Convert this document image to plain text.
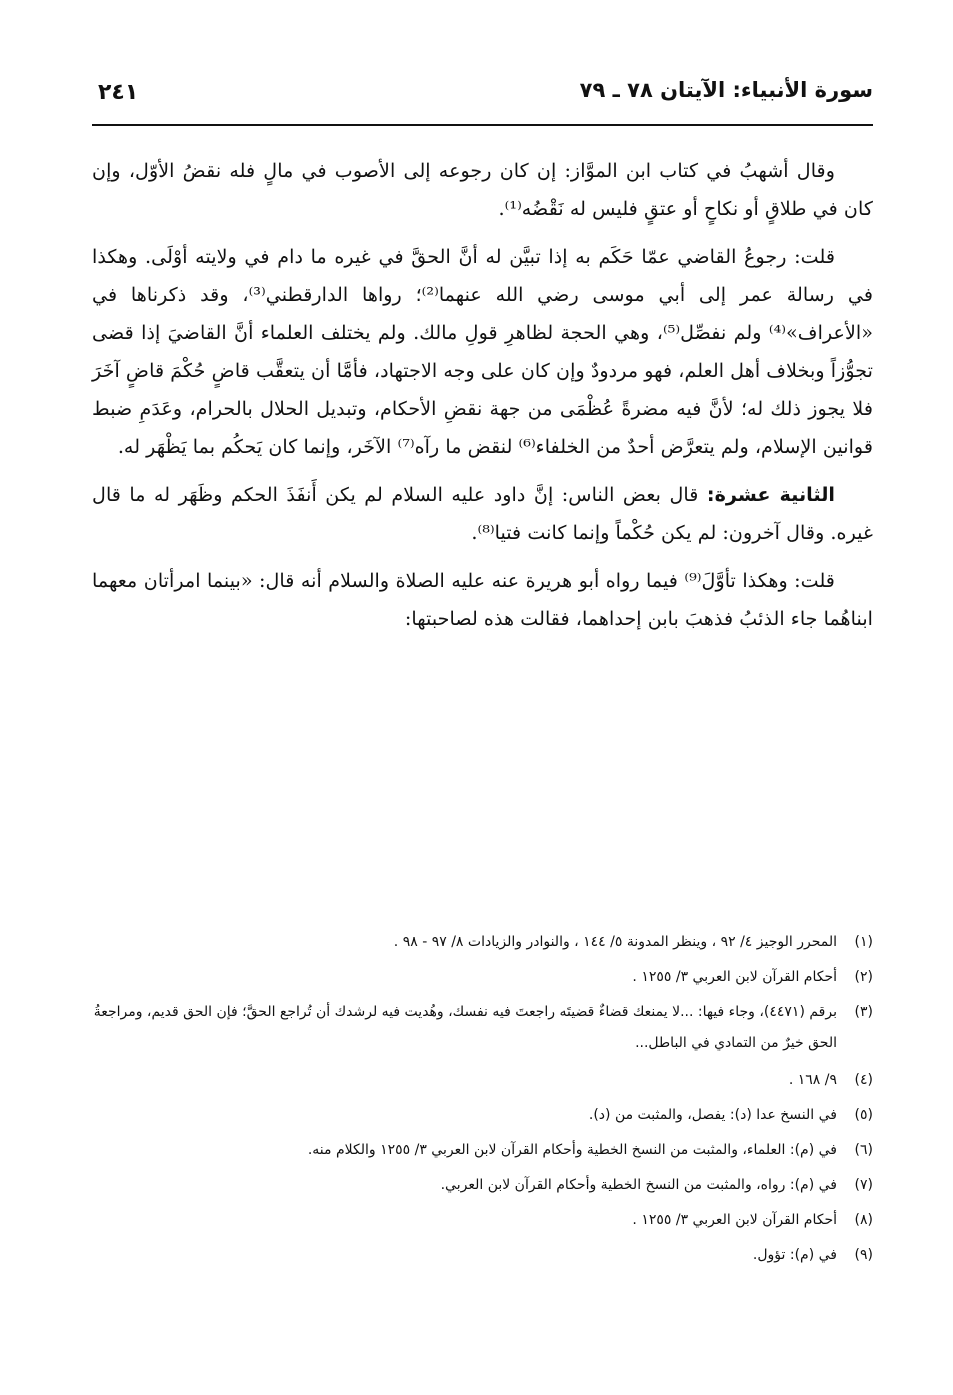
سورة الأنبياء: الآيتان ٧٨ ـ ٧٩
٢٤١

وقال أشهبُ في كتاب ابن الموَّاز: إن كان رجوعه إلى الأصوب في مالٍ فله نقضُ الأوّل، وإن كان في طلاقٍ أو نكاحٍ أو عتقٍ فليس له نَقْضُه⁽¹⁾.

قلت: رجوعُ القاضي عمّا حَكَم به إذا تبيَّن له أنَّ الحقَّ في غيره ما دام في ولايته أوْلَى. وهكذا في رسالة عمر إلى أبي موسى رضي الله عنهما⁽²⁾؛ رواها الدارقطني⁽³⁾، وقد ذكرناها في «الأعراف»⁽⁴⁾ ولم نفصِّل⁽⁵⁾، وهي الحجة لظاهرِ قولِ مالك. ولم يختلف العلماء أنَّ القاضيَ إذا قضى تجوُّزاً وبخلاف أهل العلم، فهو مردودٌ وإن كان على وجه الاجتهاد، فأمَّا أن يتعقَّب قاضٍ حُكْمَ قاضٍ آخَرَ فلا يجوز ذلك له؛ لأنَّ فيه مضرةً عُظْمَى من جهة نقضِ الأحكام، وتبديل الحلال بالحرام، وعَدَمِ ضبط قوانين الإسلام، ولم يتعرَّض أحدٌ من الخلفاء⁽⁶⁾ لنقض ما رآه⁽⁷⁾ الآخَر، وإنما كان يَحكُم بما يَظْهَر له.

الثانية عشرة: قال بعض الناس: إنَّ داود عليه السلام لم يكن أَنفَذَ الحكم وظَهَر له ما قال غيره. وقال آخرون: لم يكن حُكْماً وإنما كانت فتيا⁽⁸⁾.

قلت: وهكذا تأوَّلَ⁽⁹⁾ فيما رواه أبو هريرة عنه عليه الصلاة والسلام أنه قال: «بينما امرأتان معهما ابناهُما جاء الذئبُ فذهبَ بابن إحداهما، فقالت هذه لصاحبتها:

(١)
المحرر الوجيز ٤/ ٩٢ ، وينظر المدونة ٥/ ١٤٤ ، والنوادر والزيادات ٨/ ٩٧ - ٩٨ .
(٢)
أحكام القرآن لابن العربي ٣/ ١٢٥٥ .
(٣)
برقم (٤٤٧١)، وجاء فيها: ...لا يمنعك قضاءٌ قضيتَه راجعتَ فيه نفسك، وهُديت فيه لرشدك أن تُراجع الحقَّ؛ فإن الحق قديم، ومراجعةُ الحق خيرٌ من التمادي في الباطل...
(٤)
٩/ ١٦٨ .
(٥)
في النسخ عدا (د): يفصل، والمثبت من (د).
(٦)
في (م): العلماء، والمثبت من النسخ الخطية وأحكام القرآن لابن العربي ٣/ ١٢٥٥ والكلام منه.
(٧)
في (م): رواه، والمثبت من النسخ الخطية وأحكام القرآن لابن العربي.
(٨)
أحكام القرآن لابن العربي ٣/ ١٢٥٥ .
(٩)
في (م): تؤول.
